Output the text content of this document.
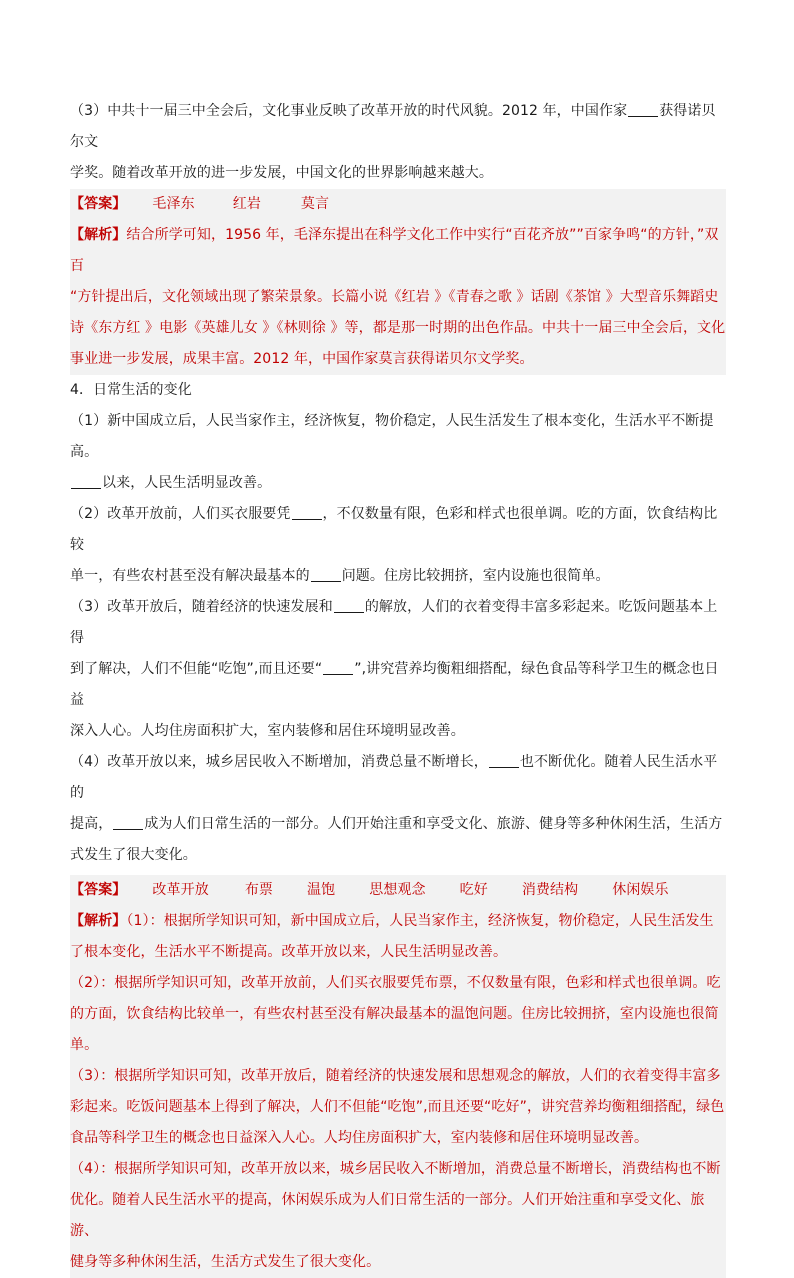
（3）中共十一届三中全会后，文化事业反映了改革开放的时代风貌。2012 年，中国作家 获得诺贝尔文

学奖。随着改革开放的进一步发展，中国文化的世界影响越来越大。

【答案】 毛泽东	红岩	莫言

【解析】结合所学可知，1956 年，毛泽东提出在科学文化工作中实行“百花齐放””百家争鸣“的方针，”双百

“方针提出后，文化领域出现了繁荣景象。长篇小说《红岩 》《青春之歌 》话剧《茶馆 》大型音乐舞蹈史

诗《东方红 》电影《英雄儿女 》《林则徐 》等，都是那一时期的出色作品。中共十一届三中全会后，文化

事业进一步发展，成果丰富。2012 年，中国作家莫言获得诺贝尔文学奖。

4．日常生活的变化

（1）新中国成立后，人民当家作主，经济恢复，物价稳定，人民生活发生了根本变化，生活水平不断提高。

以来，人民生活明显改善。

（2）改革开放前，人们买衣服要凭 ，不仅数量有限，色彩和样式也很单调。吃的方面，饮食结构比较

单一，有些农村甚至没有解决最基本的 问题。住房比较拥挤，室内设施也很简单。

（3）改革开放后，随着经济的快速发展和 的解放，人们的衣着变得丰富多彩起来。吃饭问题基本上得

到了解决，人们不但能“吃饱”,而且还要“ ”,讲究营养均衡粗细搭配，绿色食品等科学卫生的概念也日益

深入人心。人均住房面积扩大，室内装修和居住环境明显改善。

（4）改革开放以来，城乡居民收入不断增加，消费总量不断增长， 也不断优化。随着人民生活水平的

提高， 成为人们日常生活的一部分。人们开始注重和享受文化、旅游、健身等多种休闲生活，生活方

式发生了很大变化。

【答案】 改革开放	布票 温饱 思想观念 吃好 消费结构 休闲娱乐

【解析】（1）：根据所学知识可知，新中国成立后，人民当家作主，经济恢复，物价稳定，人民生活发生

了根本变化，生活水平不断提高。改革开放以来，人民生活明显改善。

（2）：根据所学知识可知，改革开放前，人们买衣服要凭布票，不仅数量有限，色彩和样式也很单调。吃

的方面，饮食结构比较单一，有些农村甚至没有解决最基本的温饱问题。住房比较拥挤，室内设施也很简

单。

（3）：根据所学知识可知，改革开放后，随着经济的快速发展和思想观念的解放，人们的衣着变得丰富多

彩起来。吃饭问题基本上得到了解决，人们不但能“吃饱”,而且还要“吃好”，讲究营养均衡粗细搭配，绿色

食品等科学卫生的概念也日益深入人心。人均住房面积扩大，室内装修和居住环境明显改善。

（4）：根据所学知识可知，改革开放以来，城乡居民收入不断增加，消费总量不断增长，消费结构也不断

优化。随着人民生活水平的提高，休闲娱乐成为人们日常生活的一部分。人们开始注重和享受文化、旅游、

健身等多种休闲生活，生活方式发生了很大变化。
